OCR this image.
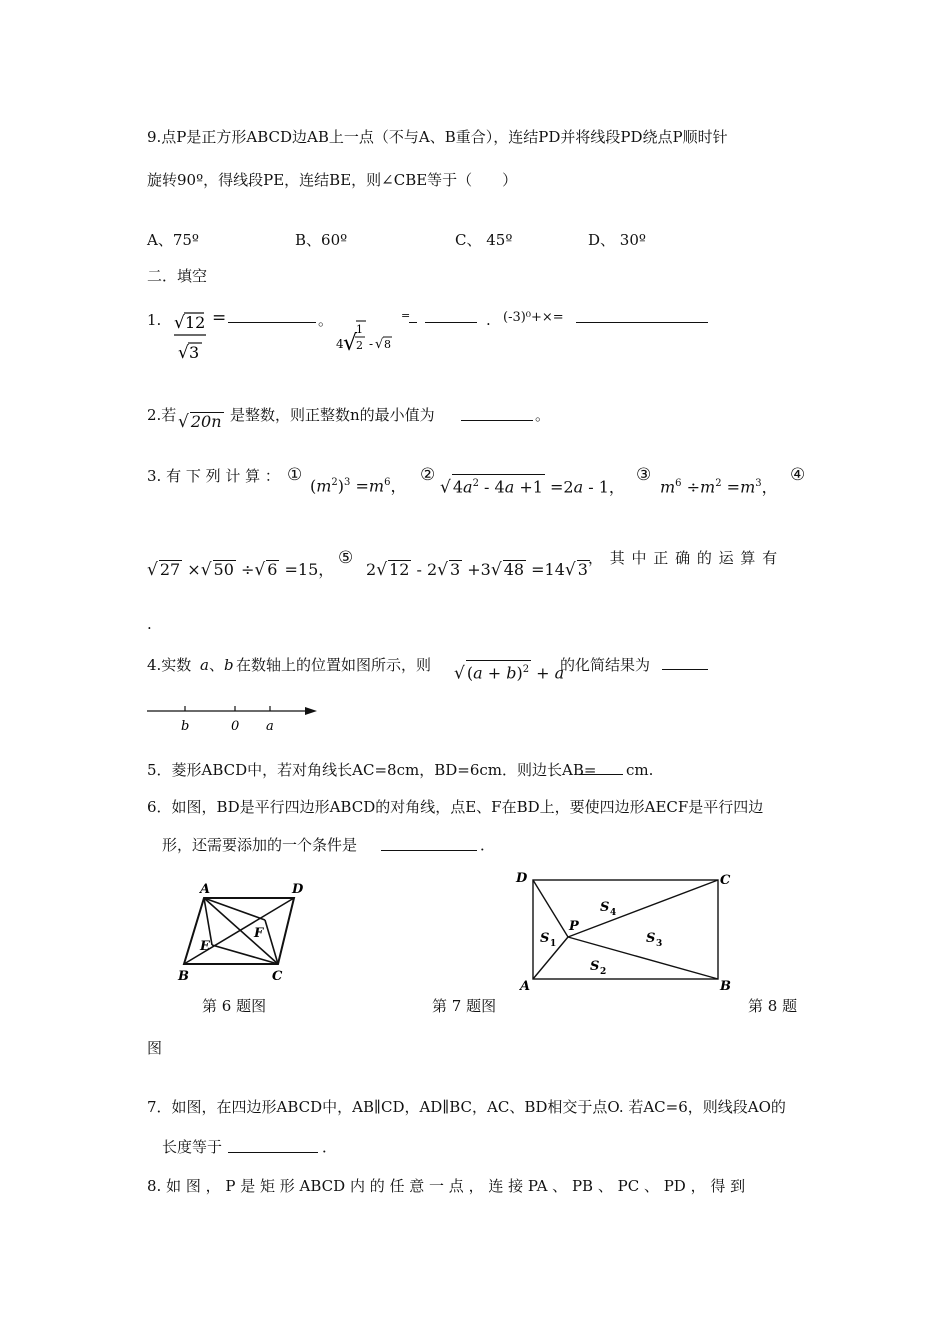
9.点P是正方形ABCD边AB上一点（不与A、B重合），连结PD并将线段PD绕点P顺时针
旋转90º，得线段PE，连结BE，则∠CBE等于（　　）
A、75º	B、60º	C、 45º	D、 30º
二．填空
1. √ 12
√ 3
=	。
4 √
1
2 - √ 8
=	. (-3)⁰+×=
2.若 √ 20n 是整数，则正整数n的最小值为	。
3. 有 下 列 计 算 ： ①
$(m^2)^3 =m^6$，
②
√ $4a^2 - 4a +1 =2a - 1$，
③
$m^6 \div m^2 =m^3$，
④
√ 27 ×√ 50 ÷√ 6 =15，
⑤
2√ 12 - 2√ 3 +3√ 48 =14√ 3
， 其 中 正 确 的 运 算 有
.
4.实数 a 、 b 在数轴上的位置如图所示，则 √ $(a + b)^2 + a$
的化简结果为
b	0 a
5．菱形ABCD中，若对角线长AC=8cm，BD=6cm．则边长AB= cm.
6．如图，BD是平行四边形ABCD的对角线，点E、F在BD上，要使四边形AECF是平行四边
形，还需要添加的一个条件是	．
A	D
B	C
E
F
D	C
A	B
P
S 1
S 2
S 3
S 4
第 6 题图	第 7 题图	第 8 题
图
7．如图，在四边形ABCD中，AB∥CD，AD∥BC，AC、BD相交于点O. 若AC=6，则线段AO的
长度等于	．
8. 如 图 ， P 是 矩 形 ABCD 内 的 任 意 一 点 ， 连 接 PA 、 PB 、 PC 、 PD ， 得 到
